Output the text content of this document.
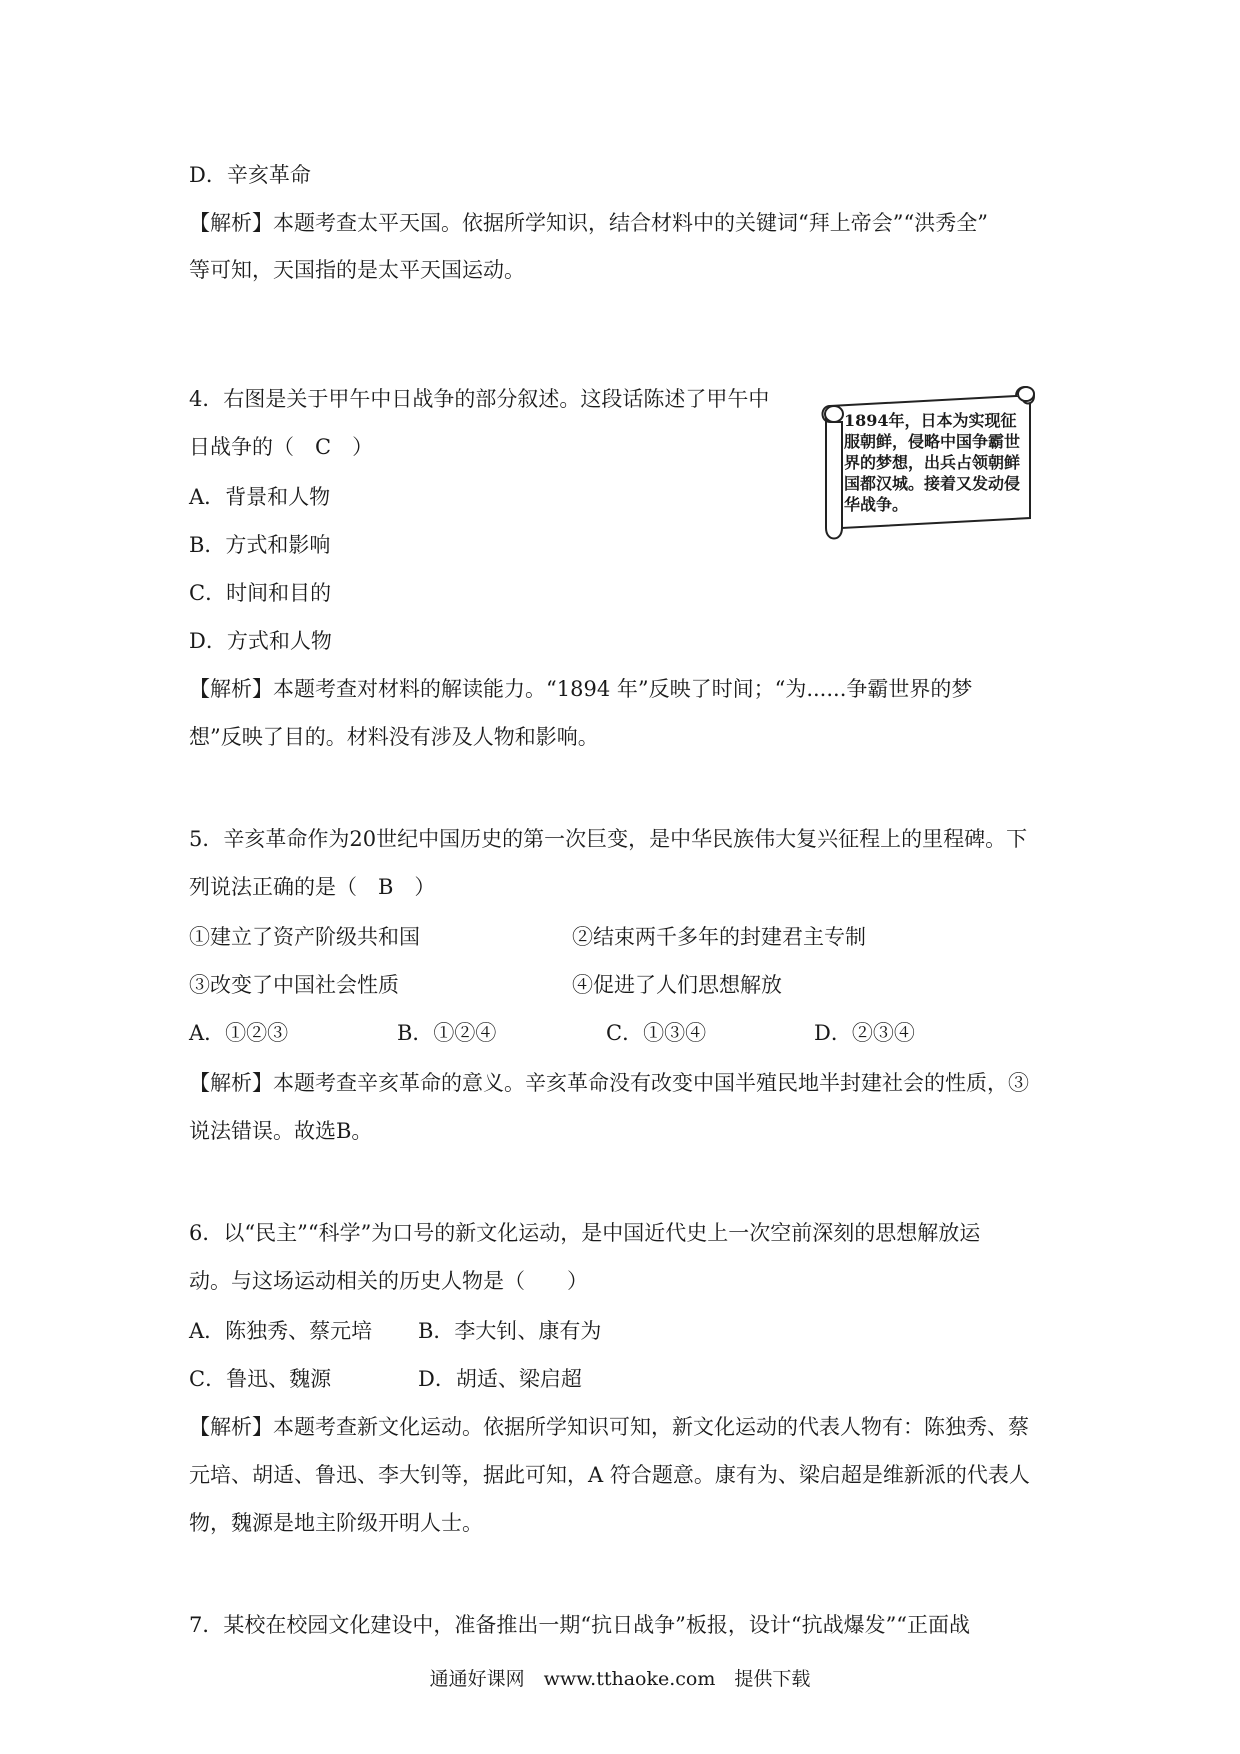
D．辛亥革命
【解析】本题考查太平天国。依据所学知识，结合材料中的关键词“拜上帝会”“洪秀全”
等可知，天国指的是太平天国运动。
4．右图是关于甲午中日战争的部分叙述。这段话陈述了甲午中
日战争的（　C　）
A．背景和人物
B．方式和影响
C．时间和目的
D．方式和人物
【解析】本题考查对材料的解读能力。“1894 年”反映了时间；“为......争霸世界的梦
想”反映了目的。材料没有涉及人物和影响。
1894年，日本为实现征服朝鲜，侵略中国争霸世界的梦想，出兵占领朝鲜国都汉城。接着又发动侵华战争。
5．辛亥革命作为20世纪中国历史的第一次巨变，是中华民族伟大复兴征程上的里程碑。下
列说法正确的是（　B　）
①建立了资产阶级共和国	②结束两千多年的封建君主专制
③改变了中国社会性质	④促进了人们思想解放
A．①②③	B．①②④	C．①③④	D．②③④
【解析】本题考查辛亥革命的意义。辛亥革命没有改变中国半殖民地半封建社会的性质，③
说法错误。故选B。
6．以“民主”“科学”为口号的新文化运动，是中国近代史上一次空前深刻的思想解放运
动。与这场运动相关的历史人物是（　　）
A．陈独秀、蔡元培 B．李大钊、康有为
C．鲁迅、魏源	D．胡适、梁启超
【解析】本题考查新文化运动。依据所学知识可知，新文化运动的代表人物有：陈独秀、蔡
元培、胡适、鲁迅、李大钊等，据此可知，A 符合题意。康有为、梁启超是维新派的代表人
物，魏源是地主阶级开明人士。
7．某校在校园文化建设中，准备推出一期“抗日战争”板报，设计“抗战爆发”“正面战
通通好课网　www.tthaoke.com　提供下载
